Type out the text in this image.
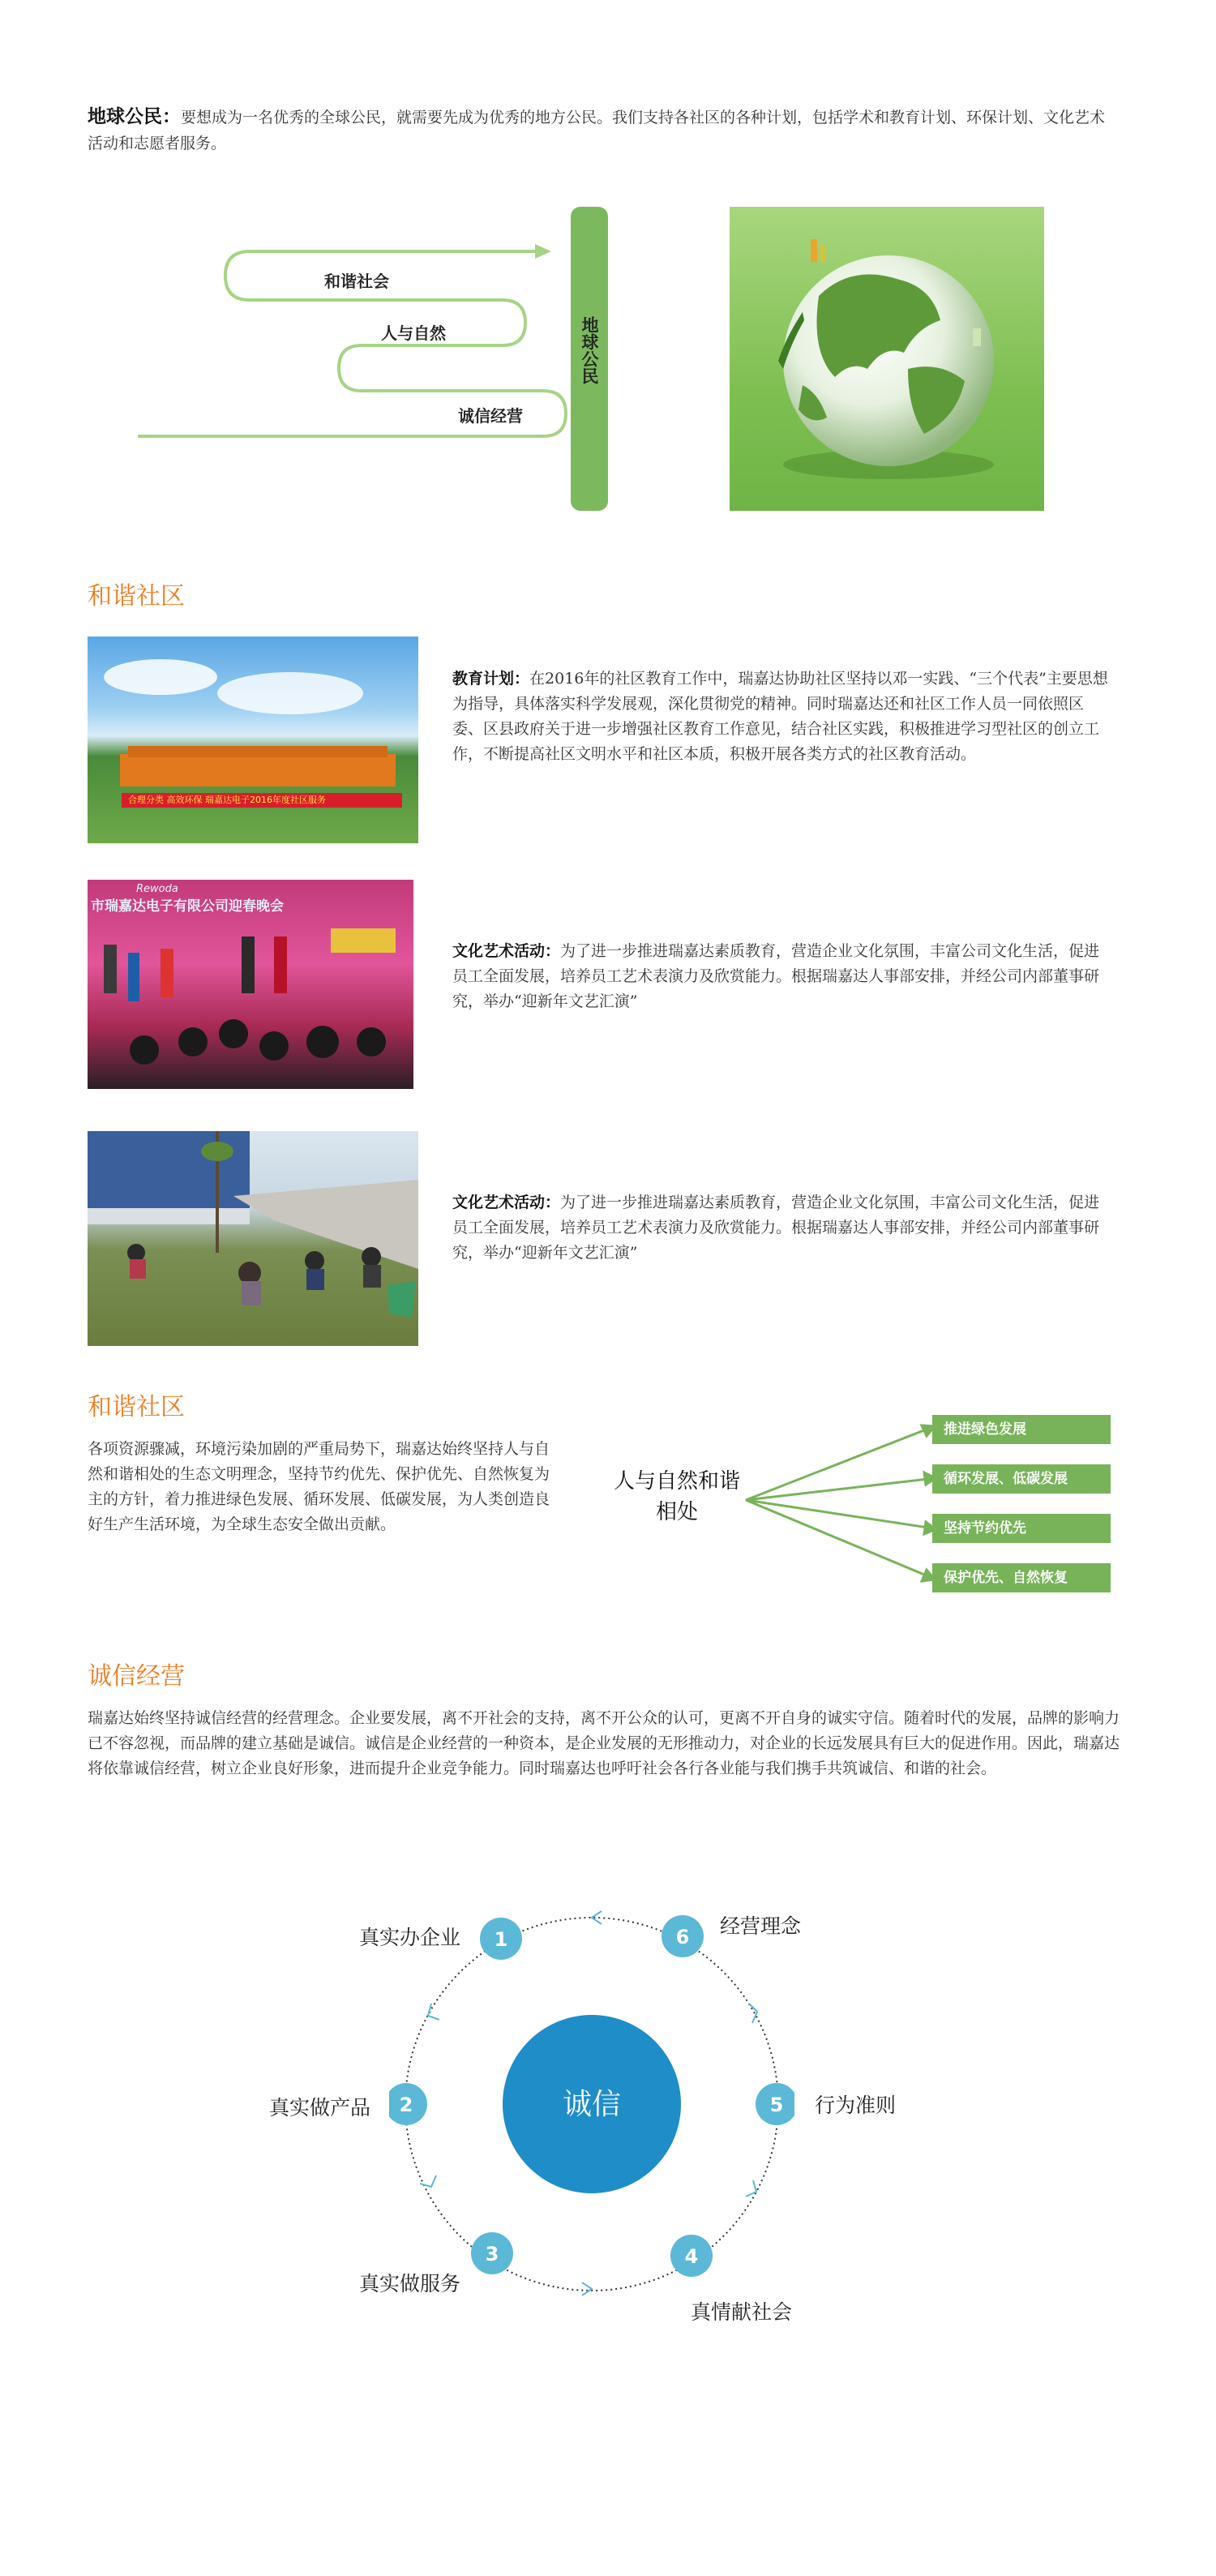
地球公民：要想成为一名优秀的全球公民，就需要先成为优秀的地方公民。我们支持各社区的各种计划，包括学术和教育计划、环保计划、文化艺术活动和志愿者服务。
和谐社会
人与自然
诚信经营
地球公民
和谐社区
合理分类 高效环保 瑞嘉达电子2016年度社区服务
教育计划：在2016年的社区教育工作中，瑞嘉达协助社区坚持以邓一实践、“三个代表”主要思想为指导，具体落实科学发展观，深化贯彻党的精神。同时瑞嘉达还和社区工作人员一同依照区委、区县政府关于进一步增强社区教育工作意见，结合社区实践，积极推进学习型社区的创立工作，不断提高社区文明水平和社区本质，积极开展各类方式的社区教育活动。
Rewoda
市瑞嘉达电子有限公司迎春晚会
文化艺术活动：为了进一步推进瑞嘉达素质教育，营造企业文化氛围，丰富公司文化生活，促进员工全面发展，培养员工艺术表演力及欣赏能力。根据瑞嘉达人事部安排，并经公司内部董事研究，举办“迎新年文艺汇演”
文化艺术活动：为了进一步推进瑞嘉达素质教育，营造企业文化氛围，丰富公司文化生活，促进员工全面发展，培养员工艺术表演力及欣赏能力。根据瑞嘉达人事部安排，并经公司内部董事研究，举办“迎新年文艺汇演”
和谐社区
各项资源骤减，环境污染加剧的严重局势下，瑞嘉达始终坚持人与自然和谐相处的生态文明理念，坚持节约优先、保护优先、自然恢复为主的方针，着力推进绿色发展、循环发展、低碳发展，为人类创造良好生产生活环境，为全球生态安全做出贡献。
人与自然和谐相处
推进绿色发展
循环发展、低碳发展
坚持节约优先
保护优先、自然恢复
诚信经营
瑞嘉达始终坚持诚信经营的经营理念。企业要发展，离不开社会的支持，离不开公众的认可，更离不开自身的诚实守信。随着时代的发展，品牌的影响力已不容忽视，而品牌的建立基础是诚信。诚信是企业经营的一种资本，是企业发展的无形推动力，对企业的长远发展具有巨大的促进作用。因此，瑞嘉达将依靠诚信经营，树立企业良好形象，进而提升企业竞争能力。同时瑞嘉达也呼吁社会各行各业能与我们携手共筑诚信、和谐的社会。
诚信
1
2
3	4
5
6
真实办企业
真实做产品
真实做服务
真情献社会
行为准则
经营理念
